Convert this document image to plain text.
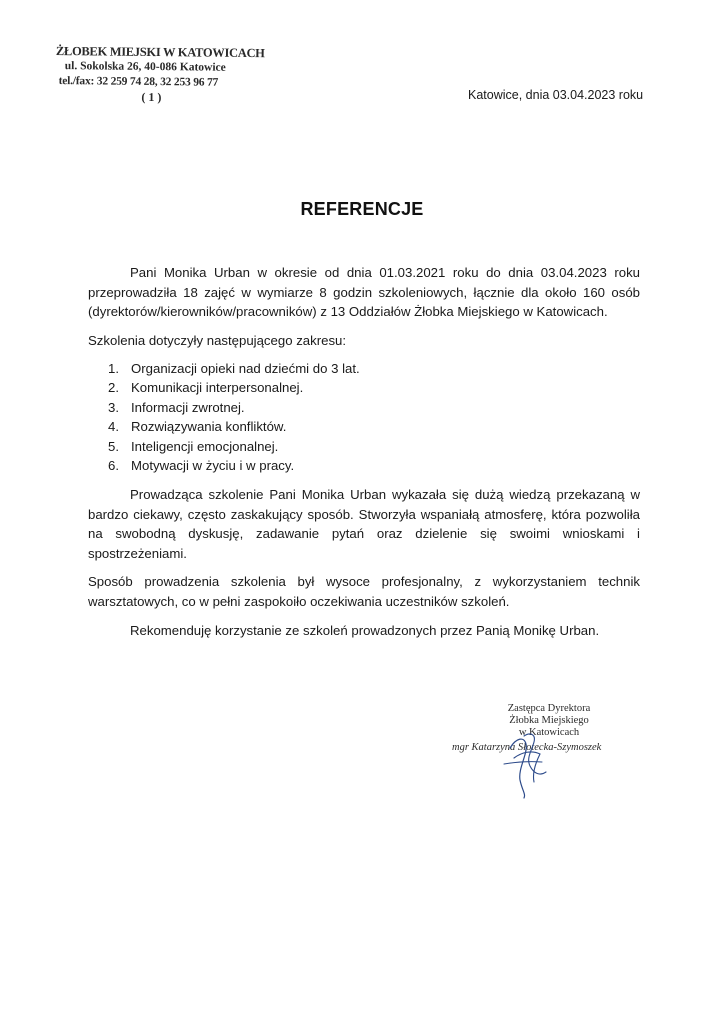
ŻŁOBEK MIEJSKI W KATOWICACH
ul. Sokolska 26, 40-086 Katowice
tel./fax: 32 259 74 28, 32 253 96 77
( 1 )	Katowice, dnia 03.04.2023 roku
REFERENCJE

Pani Monika Urban w okresie od dnia 01.03.2021 roku do dnia 03.04.2023 roku przeprowadziła 18 zajęć w wymiarze 8 godzin szkoleniowych, łącznie dla około 160 osób (dyrektorów/kierowników/pracowników) z 13 Oddziałów Żłobka Miejskiego w Katowicach.

Szkolenia dotyczyły następującego zakresu:

1. Organizacji opieki nad dziećmi do 3 lat.
2. Komunikacji interpersonalnej.
3. Informacji zwrotnej.
4. Rozwiązywania konfliktów.
5. Inteligencji emocjonalnej.
6. Motywacji w życiu i w pracy.

Prowadząca szkolenie Pani Monika Urban wykazała się dużą wiedzą przekazaną w bardzo ciekawy, często zaskakujący sposób. Stworzyła wspaniałą atmosferę, która pozwoliła na swobodną dyskusję, zadawanie pytań oraz dzielenie się swoimi wnioskami i spostrzeżeniami.

Sposób prowadzenia szkolenia był wysoce profesjonalny, z wykorzystaniem technik warsztatowych, co w pełni zaspokoiło oczekiwania uczestników szkoleń.

Rekomenduję korzystanie ze szkoleń prowadzonych przez Panią Monikę Urban.

Zastępca Dyrektora
Żłobka Miejskiego
w Katowicach
mgr Katarzyna Słotecka-Szymoszek
